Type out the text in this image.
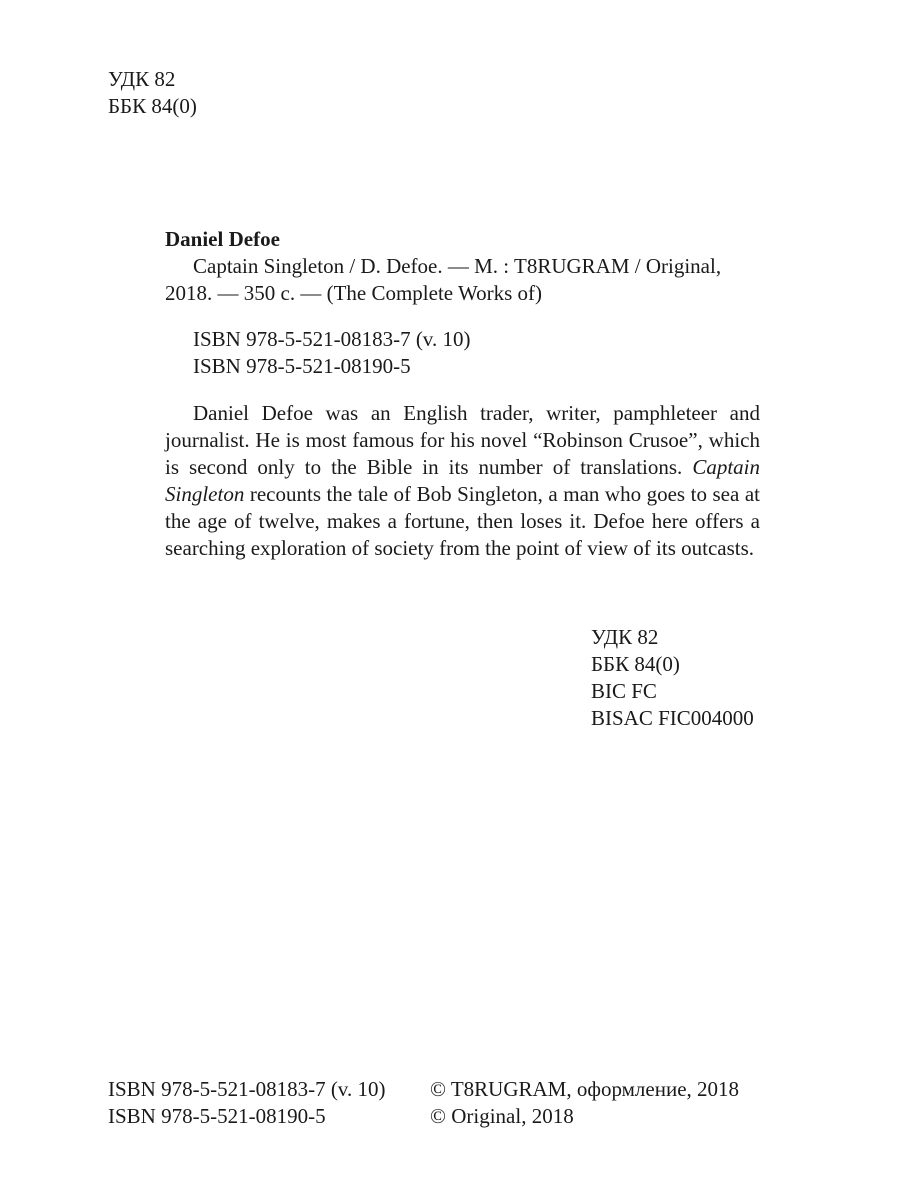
УДК 82
ББК 84(0)
Daniel Defoe
Captain Singleton / D. Defoe. — M. : T8RUGRAM / Original,
2018. — 350 с. — (The Complete Works of)
ISBN 978-5-521-08183-7 (v. 10)
ISBN 978-5-521-08190-5

Daniel Defoe was an English trader, writer, pamphleteer and journalist. He is most famous for his novel “Robinson Crusoe”, which is second only to the Bible in its number of translations. Captain Singleton recounts the tale of Bob Singleton, a man who goes to sea at the age of twelve, makes a fortune, then loses it. Defoe here offers a searching exploration of society from the point of view of its outcasts.

УДК 82
ББК 84(0)
BIC FC
BISAC FIC004000
ISBN 978-5-521-08183-7 (v. 10)
ISBN 978-5-521-08190-5
© T8RUGRAM, оформление, 2018
© Original, 2018
